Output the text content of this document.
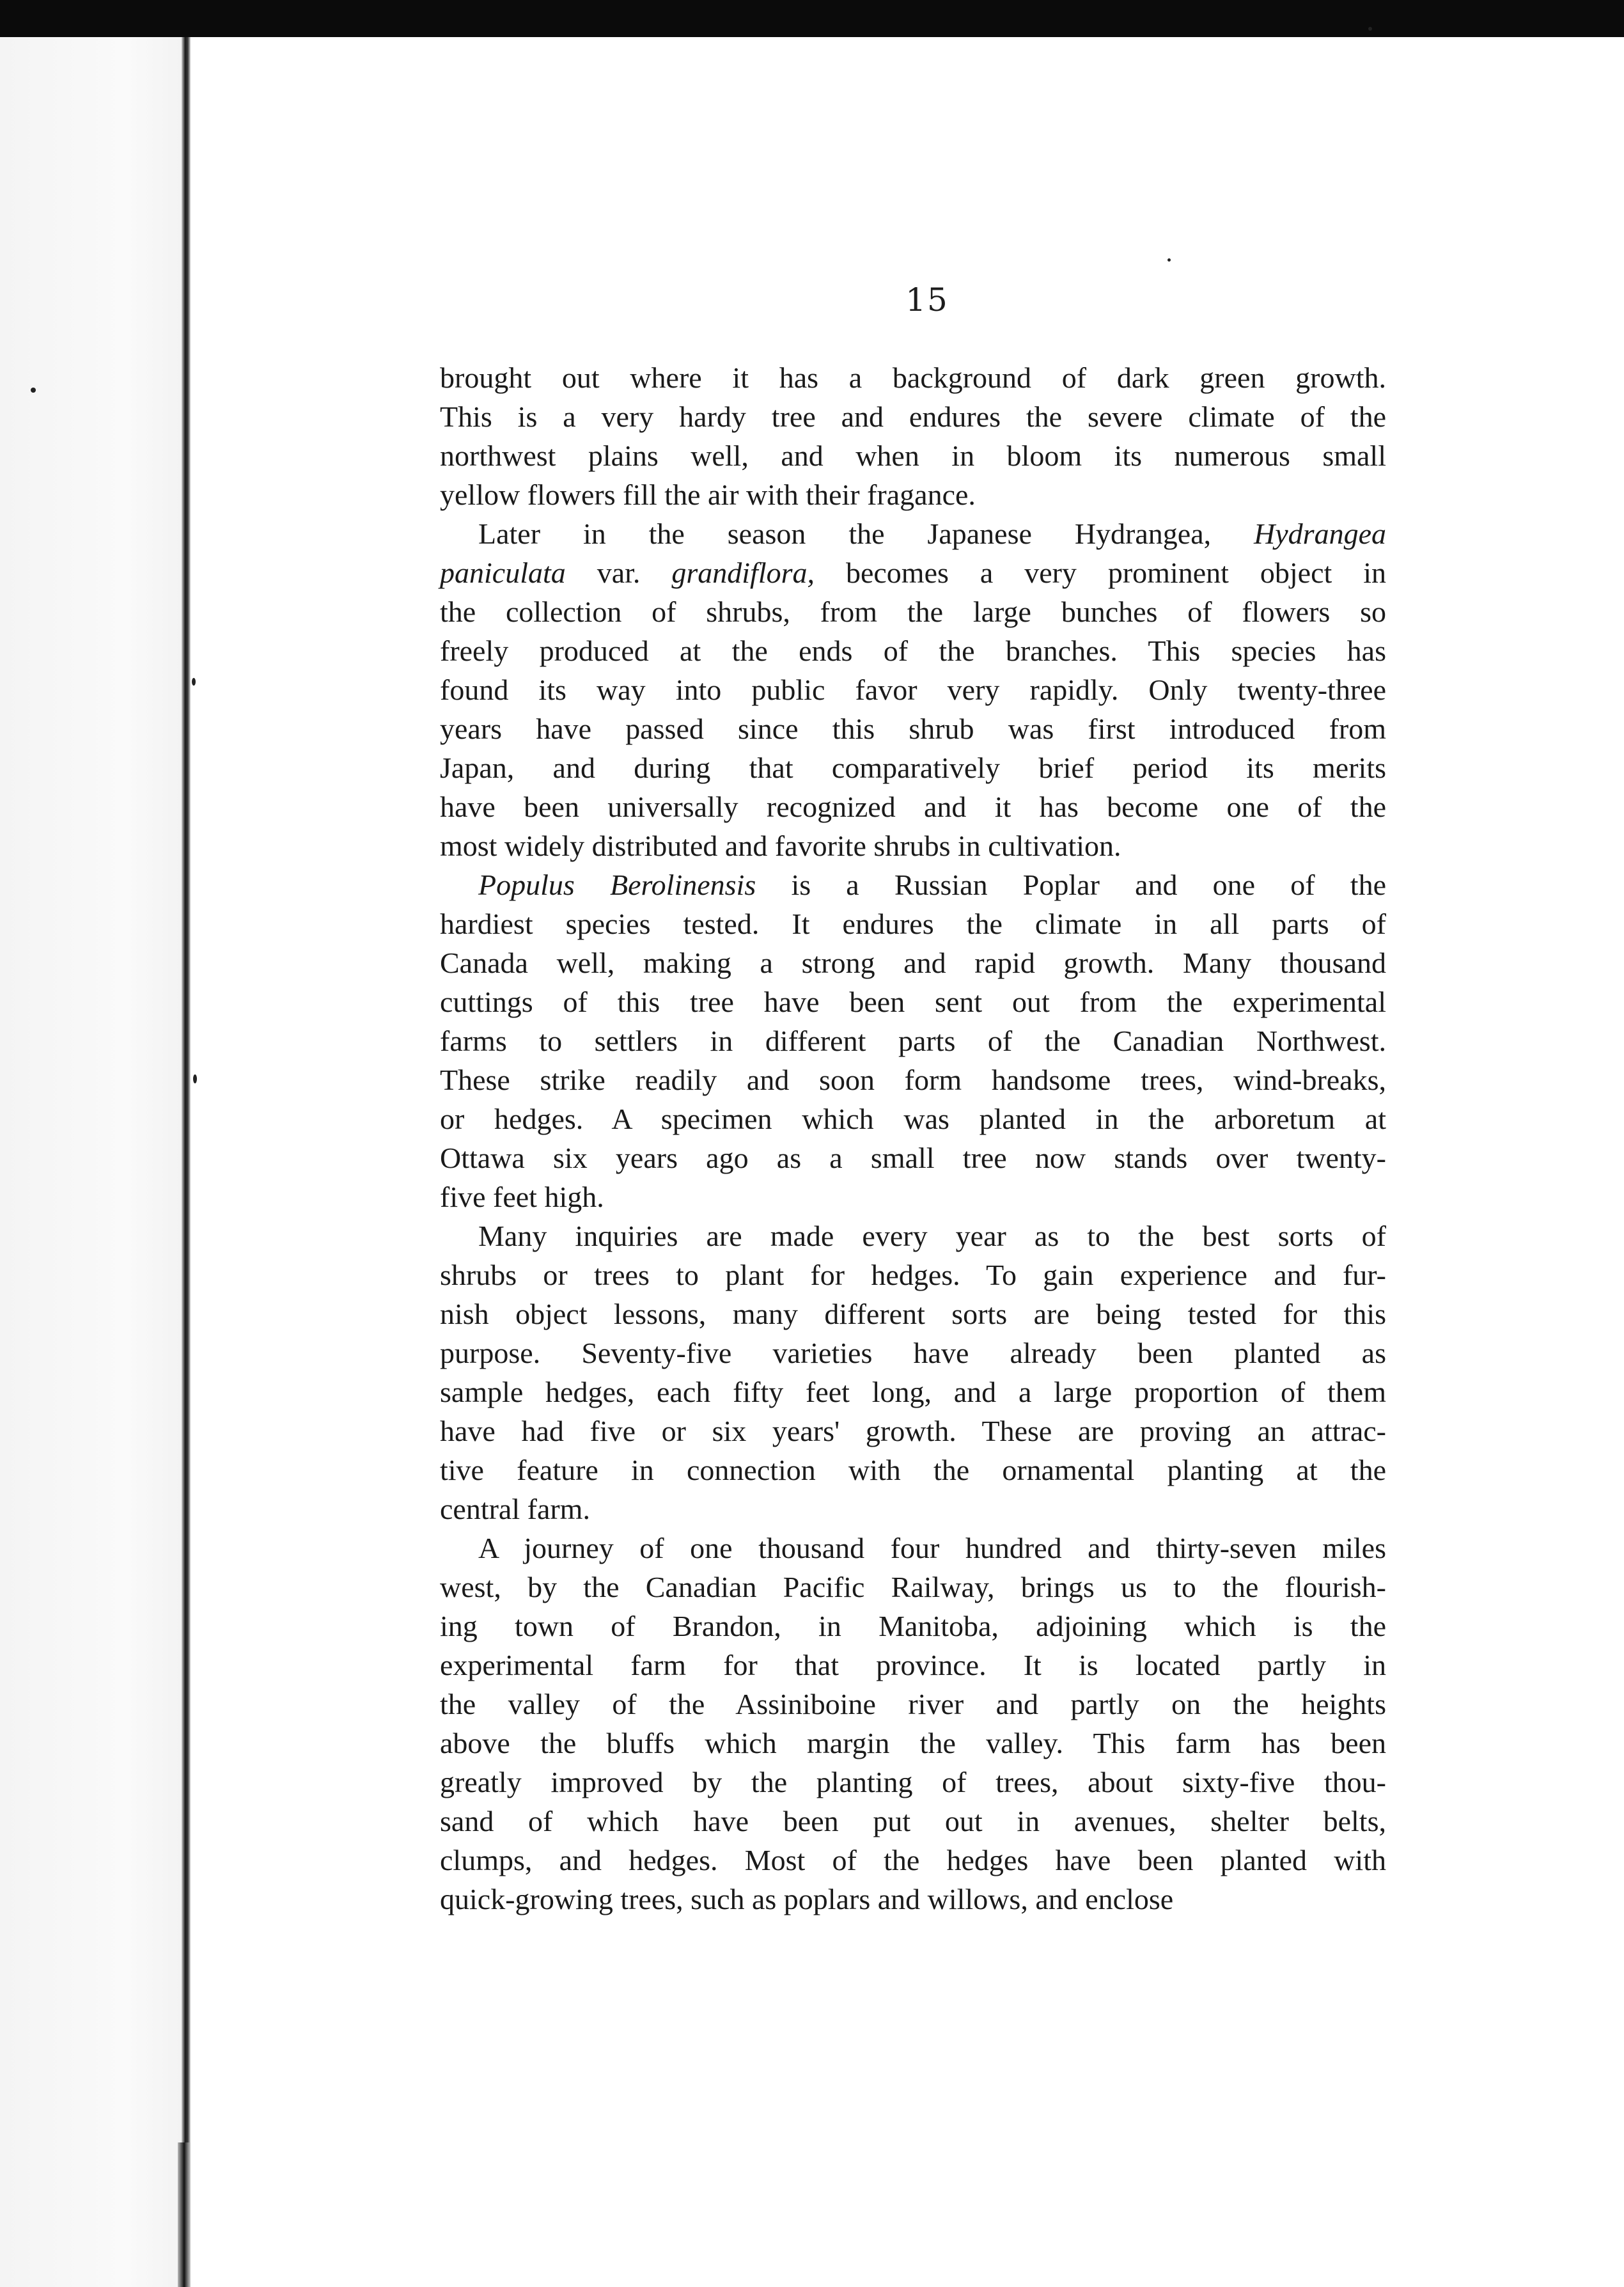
15
brought out where it has a background of dark green growth.
This is a very hardy tree and endures the severe climate of the
northwest plains well, and when in bloom its numerous small
yellow flowers fill the air with their fragance.
Later in the season the Japanese Hydrangea, Hydrangea
paniculata var. grandiflora, becomes a very prominent object in
the collection of shrubs, from the large bunches of flowers so
freely produced at the ends of the branches. This species has
found its way into public favor very rapidly. Only twenty-three
years have passed since this shrub was first introduced from
Japan, and during that comparatively brief period its merits
have been universally recognized and it has become one of the
most widely distributed and favorite shrubs in cultivation.
Populus Berolinensis is a Russian Poplar and one of the
hardiest species tested. It endures the climate in all parts of
Canada well, making a strong and rapid growth. Many thousand
cuttings of this tree have been sent out from the experimental
farms to settlers in different parts of the Canadian Northwest.
These strike readily and soon form handsome trees, wind-breaks,
or hedges. A specimen which was planted in the arboretum at
Ottawa six years ago as a small tree now stands over twenty-
five feet high.
Many inquiries are made every year as to the best sorts of
shrubs or trees to plant for hedges. To gain experience and fur-
nish object lessons, many different sorts are being tested for this
purpose. Seventy-five varieties have already been planted as
sample hedges, each fifty feet long, and a large proportion of them
have had five or six years' growth. These are proving an attrac-
tive feature in connection with the ornamental planting at the
central farm.
A journey of one thousand four hundred and thirty-seven miles
west, by the Canadian Pacific Railway, brings us to the flourish-
ing town of Brandon, in Manitoba, adjoining which is the
experimental farm for that province. It is located partly in
the valley of the Assiniboine river and partly on the heights
above the bluffs which margin the valley. This farm has been
greatly improved by the planting of trees, about sixty-five thou-
sand of which have been put out in avenues, shelter belts,
clumps, and hedges. Most of the hedges have been planted with
quick-growing trees, such as poplars and willows, and enclose
